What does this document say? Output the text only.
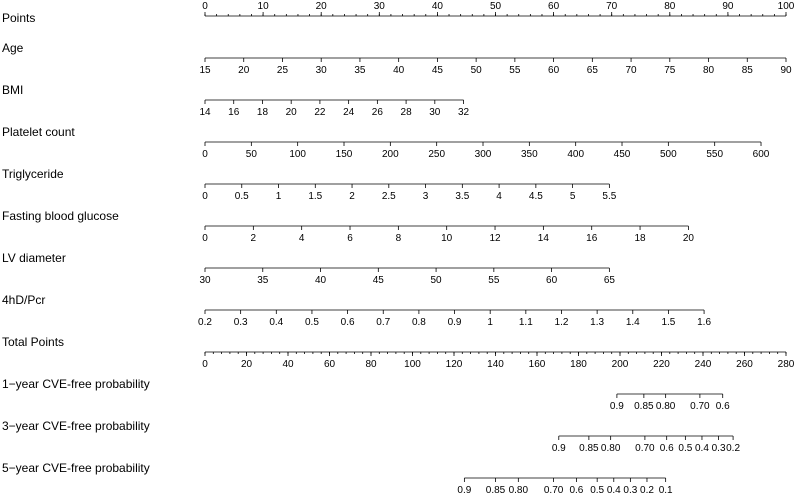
Points
0	10	20	30	40	50	60	70	80	90	100
Age
15	20	25	30	35	40	45	50	55	60	65	70	75	80	85	90
BMI
14 16 18 20 22 24 26 28 30 32
Platelet count
0	50	100	150	200	250	300	350	400	450	500	550	600
Triglyceride
0	0.5	1	1.5	2	2.5	3	3.5	4	4.5	5	5.5
Fasting blood glucose
0	2	4	6	8	10	12	14	16	18	20
LV diameter
30	35	40	45	50	55	60	65
4hD/Pcr
0.2 0.3 0.4 0.5 0.6 0.7 0.8 0.9	1	1.1 1.2 1.3 1.4 1.5 1.6
Total Points
0	20	40	60	80	100 120 140 160 180 200 220 240 260 280
1−year CVE-free probability
0.9 0.85 0.80 0.70 0.6
3−year CVE-free probability
0.9 0.85 0.80 0.70 0.6 0.5 0.4 0.3 0.2
5−year CVE-free probability
0.9 0.85 0.80 0.70 0.6 0.5 0.4 0.3 0.2 0.1
